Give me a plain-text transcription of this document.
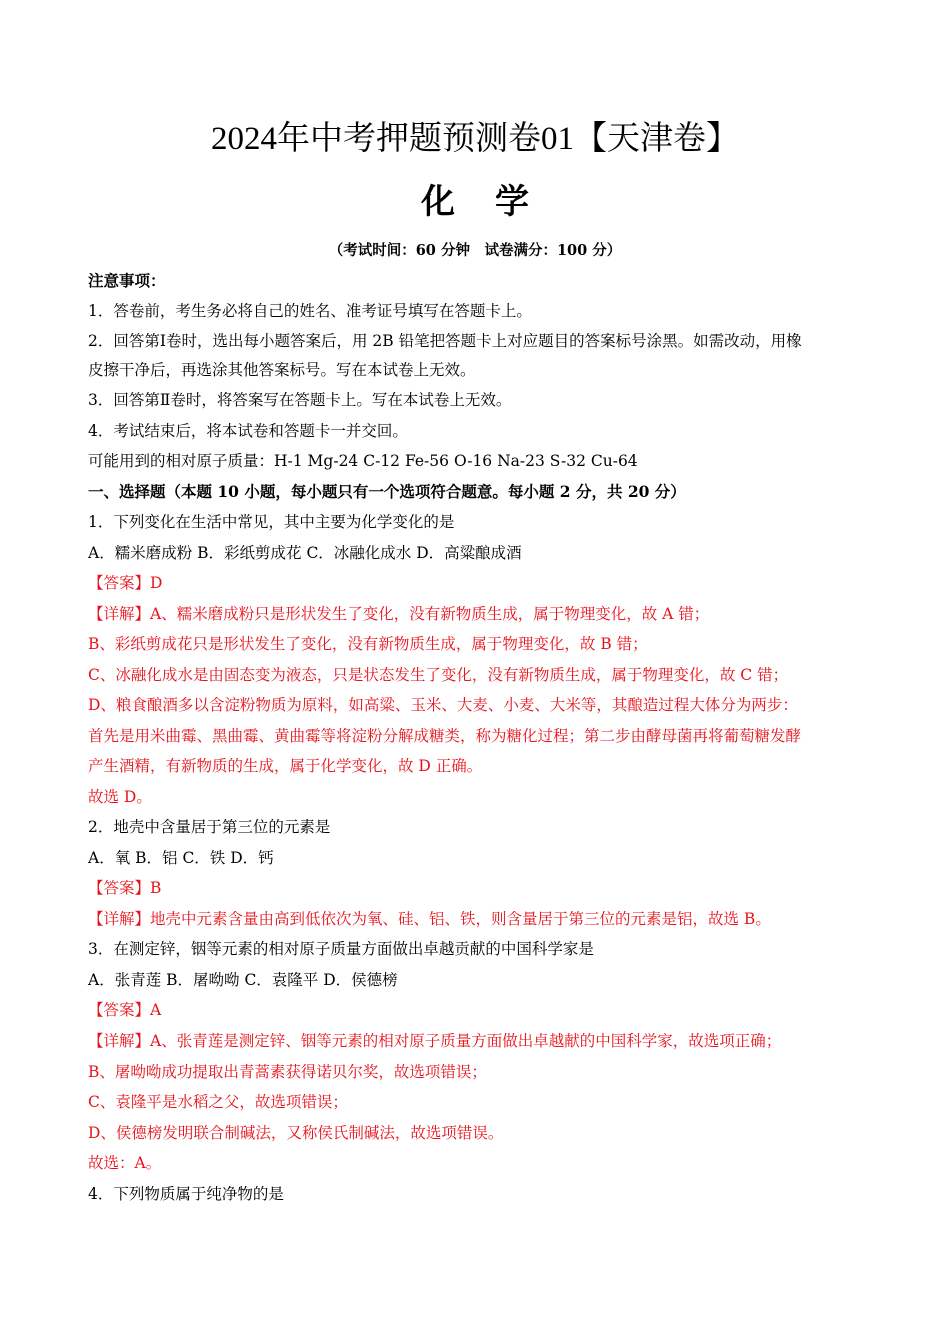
2024年中考押题预测卷01【天津卷】
化学
（考试时间：60 分钟　试卷满分：100 分）
注意事项：
1．答卷前，考生务必将自己的姓名、准考证号填写在答题卡上。
2．回答第Ⅰ卷时，选出每小题答案后，用 2B 铅笔把答题卡上对应题目的答案标号涂黑。如需改动，用橡
皮擦干净后，再选涂其他答案标号。写在本试卷上无效。
3．回答第Ⅱ卷时，将答案写在答题卡上。写在本试卷上无效。
4．考试结束后，将本试卷和答题卡一并交回。
可能用到的相对原子质量：H-1 Mg-24 C-12 Fe-56 O-16 Na-23 S-32 Cu-64
一、选择题（本题 10 小题，每小题只有一个选项符合题意。每小题 2 分，共 20 分）
1．下列变化在生活中常见，其中主要为化学变化的是
A．糯米磨成粉 B．彩纸剪成花 C．冰融化成水 D．高粱酿成酒
【答案】D
【详解】A、糯米磨成粉只是形状发生了变化，没有新物质生成，属于物理变化，故 A 错；
B、彩纸剪成花只是形状发生了变化，没有新物质生成，属于物理变化，故 B 错；
C、冰融化成水是由固态变为液态，只是状态发生了变化，没有新物质生成，属于物理变化，故 C 错；
D、粮食酿酒多以含淀粉物质为原料，如高粱、玉米、大麦、小麦、大米等，其酿造过程大体分为两步：
首先是用米曲霉、黑曲霉、黄曲霉等将淀粉分解成糖类，称为糖化过程；第二步由酵母菌再将葡萄糖发酵
产生酒精，有新物质的生成，属于化学变化，故 D 正确。
故选 D。
2．地壳中含量居于第三位的元素是
A．氧 B．铝 C．铁 D．钙
【答案】B
【详解】地壳中元素含量由高到低依次为氧、硅、铝、铁，则含量居于第三位的元素是铝，故选 B。
3．在测定锌，铟等元素的相对原子质量方面做出卓越贡献的中国科学家是
A．张青莲 B．屠呦呦 C．袁隆平 D．侯德榜
【答案】A
【详解】A、张青莲是测定锌、铟等元素的相对原子质量方面做出卓越献的中国科学家，故选项正确；
B、屠呦呦成功提取出青蒿素获得诺贝尔奖，故选项错误；
C、袁隆平是水稻之父，故选项错误；
D、侯德榜发明联合制碱法，又称侯氏制碱法，故选项错误。
故选：A。
4．下列物质属于纯净物的是
